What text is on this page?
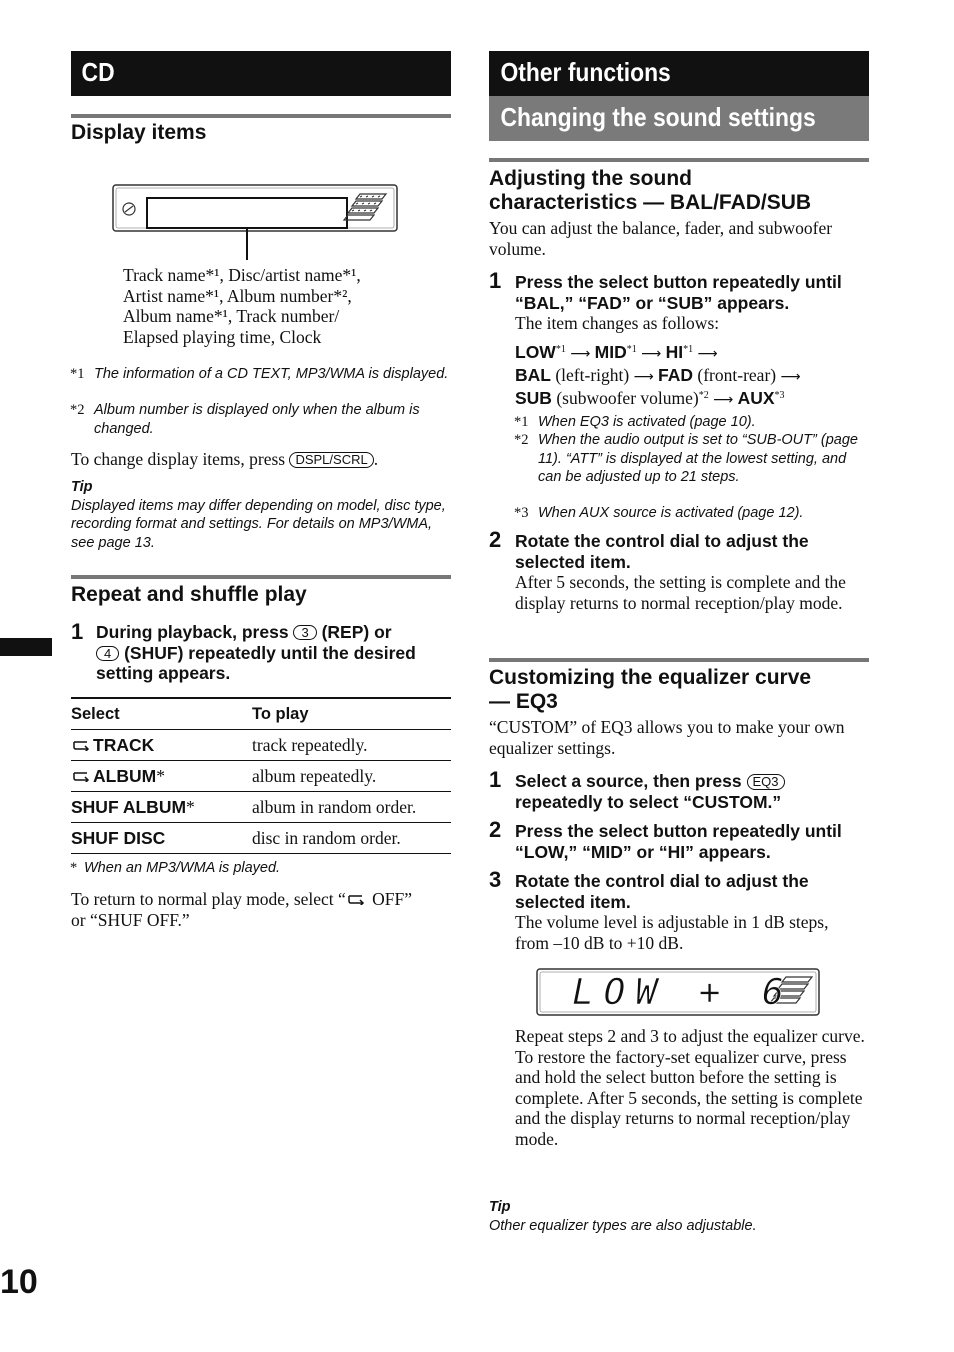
CD
Display items
Track name*¹, Disc/artist name*¹,
Artist name*¹, Album number*²,
Album name*¹, Track number/
Elapsed playing time, Clock
*1 The information of a CD TEXT, MP3/WMA is displayed.
*2 Album number is displayed only when the album is changed.
To change display items, press DSPL/SCRL .
Tip
Displayed items may differ depending on model, disc type, recording format and settings. For details on MP3/WMA, see page 13.
Repeat and shuffle play
1 During playback, press 3 (REP) or
4 (SHUF) repeatedly until the desired setting appears.
Select	To play
TRACK	track repeatedly.
ALBUM*	album repeatedly.
SHUF ALBUM*	album in random order.
SHUF DISC	disc in random order.
* When an MP3/WMA is played.
To return to normal play mode, select “ OFF”
or “SHUF OFF.”
10
Other functions
Changing the sound settings
Adjusting the sound
characteristics — BAL/FAD/SUB
You can adjust the balance, fader, and subwoofer volume.
1 Press the select button repeatedly until “BAL,” “FAD” or “SUB” appears.
The item changes as follows:
LOW$^{*1}$ ⟶ MID$^{*1}$ ⟶ HI$^{*1}$ ⟶
BAL (left-right) ⟶ FAD (front-rear) ⟶
SUB (subwoofer volume)$^{*2}$ ⟶ AUX$^{*3}$
*1 When EQ3 is activated (page 10).
*2 When the audio output is set to “SUB-OUT” (page 11). “ATT” is displayed at the lowest setting, and can be adjusted up to 21 steps.
*3 When AUX source is activated (page 12).
2 Rotate the control dial to adjust the selected item.
After 5 seconds, the setting is complete and the display returns to normal reception/play mode.
Customizing the equalizer curve
— EQ3
“CUSTOM” of EQ3 allows you to make your own equalizer settings.
1 Select a source, then press EQ3
repeatedly to select “CUSTOM.”
2 Press the select button repeatedly until “LOW,” “MID” or “HI” appears.
3 Rotate the control dial to adjust the selected item.
The volume level is adjustable in 1 dB steps, from –10 dB to +10 dB.
LOW + 6
Repeat steps 2 and 3 to adjust the equalizer curve. To restore the factory-set equalizer curve, press and hold the select button before the setting is complete. After 5 seconds, the setting is complete and the display returns to normal reception/play mode.
Tip
Other equalizer types are also adjustable.
